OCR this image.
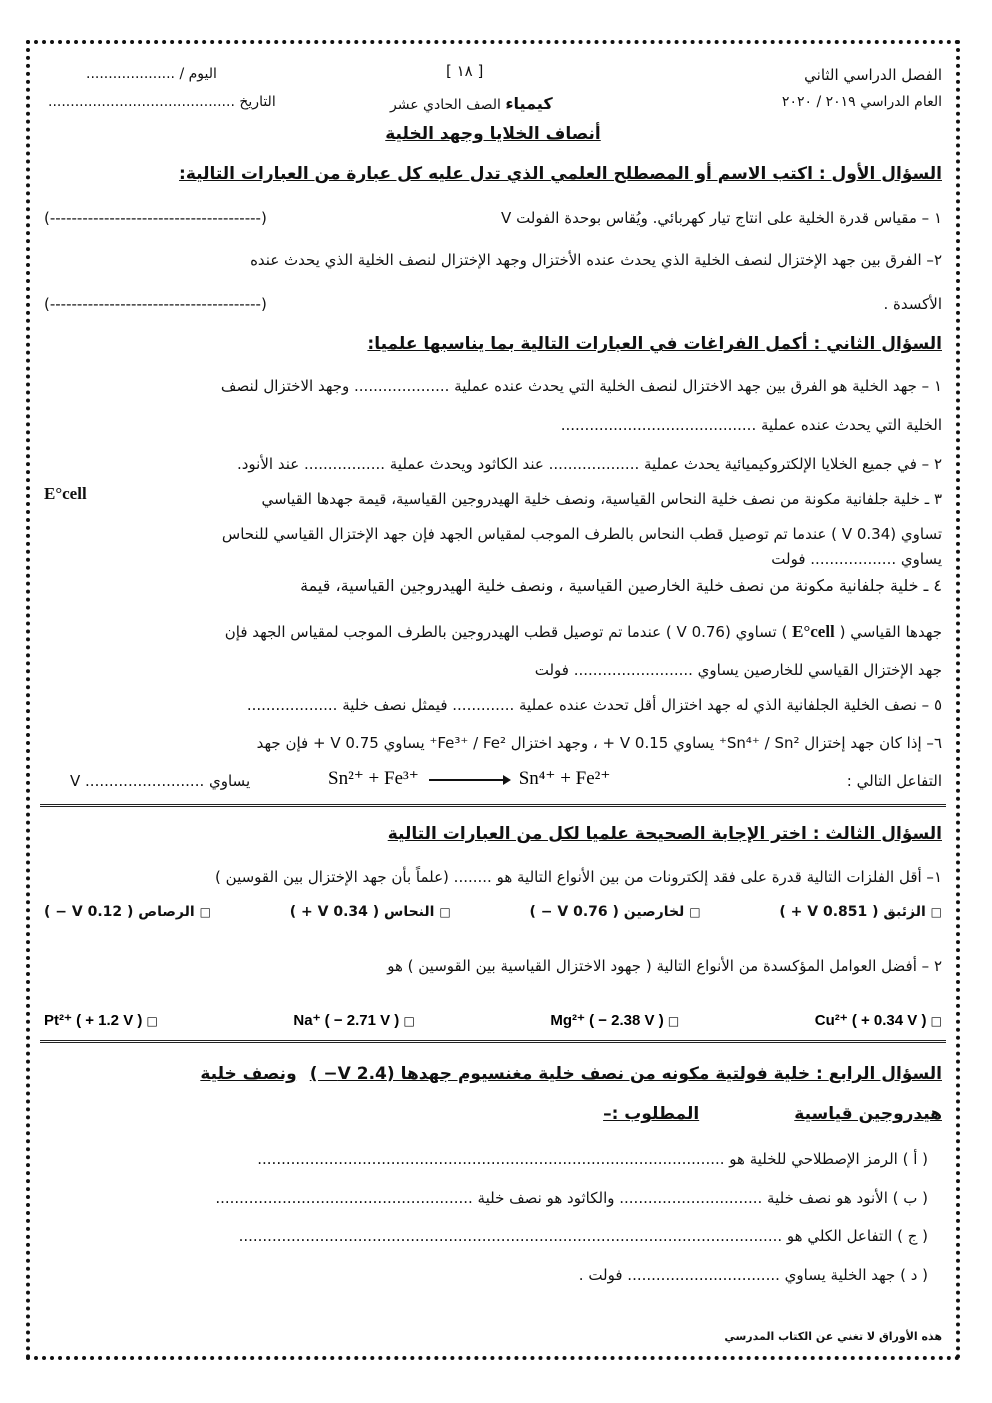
الفصل الدراسي الثاني
[ ١٨ ]
اليوم / ....................
العام الدراسي ٢٠١٩ / ٢٠٢٠
كيمياء الصف الحادي عشر
التاريخ ..........................................
أنصاف الخلايا وجهد الخلية
السؤال الأول : اكتب الاسم أو المصطلح العلمي الذي تدل عليه كل عبارة من العبارات التالية:
١ – مقياس قدرة الخلية على انتاج تيار كهربائي. ويُقاس بوحدة الفولت V
(---------------------------------------)
٢– الفرق بين جهد الإختزال لنصف الخلية الذي يحدث عنده الأختزال وجهد الإختزال لنصف الخلية الذي يحدث عنده
الأكسدة .
(---------------------------------------)
السؤال الثاني : أكمل الفراغات في العبارات التالية بما يناسبها علميا:
١ – جهد الخلية هو الفرق بين جهد الاختزال لنصف الخلية التي يحدث عنده عملية .................... وجهد الاختزال لنصف
الخلية التي يحدث عنده عملية .........................................
٢ – في جميع الخلايا الإلكتروكيميائية يحدث عملية ................... عند الكاثود ويحدث عملية ................. عند الأنود.
٣ ـ خلية جلفانية مكونة من نصف خلية النحاس القياسية، ونصف خلية الهيدروجين القياسية، قيمة جهدها القياسي
E°cell
تساوي (0.34 V ) عندما تم توصيل قطب النحاس بالطرف الموجب لمقياس الجهد فإن جهد الإختزال القياسي للنحاس
يساوي .................. فولت
٤ ـ خلية جلفانية مكونة من نصف خلية الخارصين القياسية ، ونصف خلية الهيدروجين القياسية، قيمة
جهدها القياسي ( E°cell ) تساوي (0.76 V ) عندما تم توصيل قطب الهيدروجين بالطرف الموجب لمقياس الجهد فإن
جهد الإختزال القياسي للخارصين يساوي ......................... فولت
٥ – نصف الخلية الجلفانية الذي له جهد اختزال أقل تحدث عنده عملية ............. فيمثل نصف خلية ...................
٦– إذا كان جهد إختزال Sn⁴⁺ / Sn²⁺ يساوي 0.15 V + ، وجهد اختزال Fe³⁺ / Fe²⁺ يساوي 0.75 V + فإن جهد
التفاعل التالي :
Sn²⁺ + Fe³⁺	Sn⁴⁺ + Fe²⁺
يساوي ......................... V
السؤال الثالث : اختر الإجابة الصحيحة علميا لكل من العبارات التالية
١– أقل الفلزات التالية قدرة على فقد إلكترونات من بين الأنواع التالية هو ........ (علماً بأن جهد الإختزال بين القوسين )
□ الزئبق ( 0.851 V + )
□ لخارصين ( 0.76 V − )
□ النحاس ( 0.34 V + )
□ الرصاص ( 0.12 V − )
٢ – أفضل العوامل المؤكسدة من الأنواع التالية ( جهود الاختزال القياسية بين القوسين ) هو
Cu²⁺ ( + 0.34 V ) □
Mg²⁺ ( − 2.38 V ) □
Na⁺ ( − 2.71 V ) □
Pt²⁺ ( + 1.2 V ) □
السؤال الرابع : خلية فولتية مكونه من نصف خلية مغنسيوم جهدها (V 2.4− ) ونصف خلية
هيدروجين قياسية المطلوب :–
( أ ) الرمز الإصطلاحي للخلية هو ..................................................................................................
( ب ) الأنود هو نصف خلية .............................. والكاثود هو نصف خلية ......................................................
( ج ) التفاعل الكلي هو ..................................................................................................................
( د ) جهد الخلية يساوي ................................ فولت .
هذه الأوراق لا تغني عن الكتاب المدرسي
